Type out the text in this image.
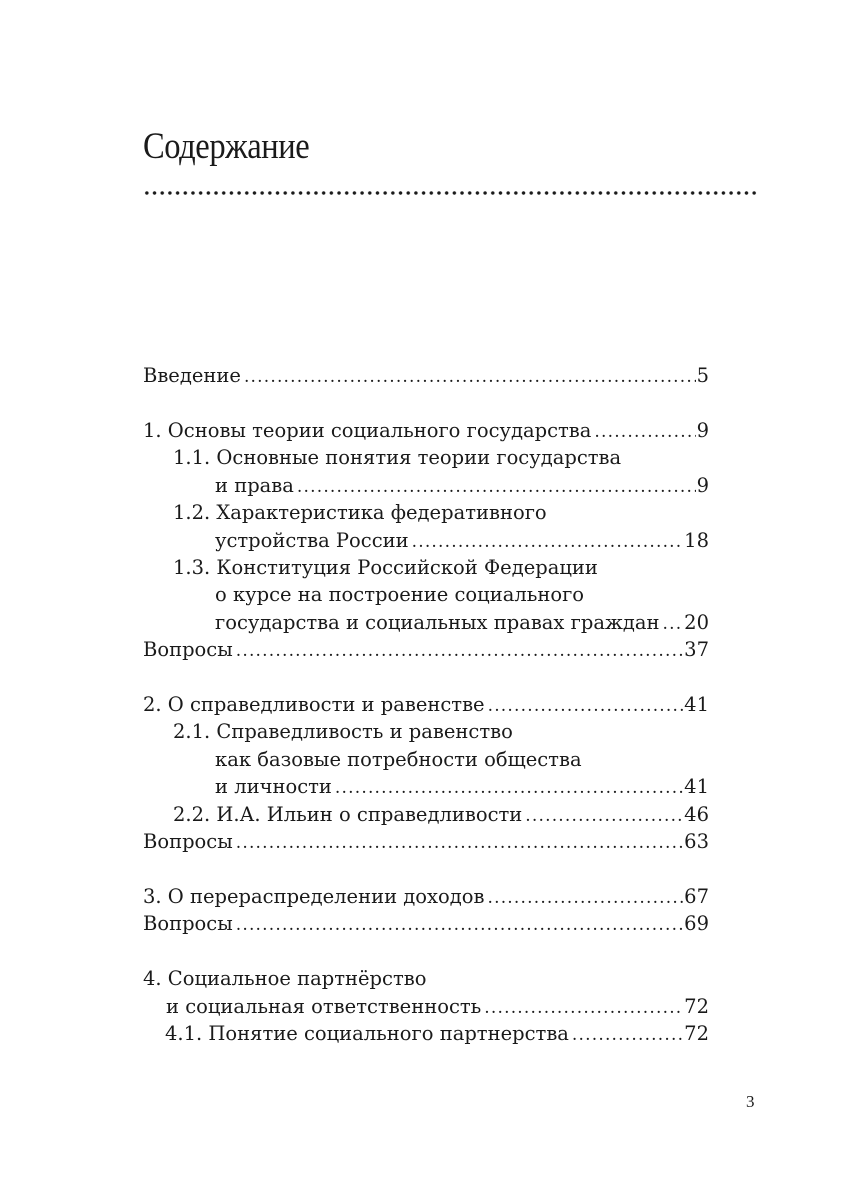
Содержание
Введение .....	5
1. Основы теории социального государства .....	9
1.1. Основные понятия теории государства
и права .....	9
1.2. Характеристика федеративного
устройства России .....	18
1.3. Конституция Российской Федерации
о курсе на построение социального
государства и социальных правах граждан ..... 20
Вопросы .....	37
2. О справедливости и равенстве .....	41
2.1. Справедливость и равенство
как базовые потребности общества
и личности .....	41
2.2. И.А. Ильин о справедливости .....	46
Вопросы .....	63
3. О перераспределении доходов .....	67
Вопросы .....	69
4. Социальное партнёрство
и социальная ответственность .....	72
4.1. Понятие социального партнерства .....	72
3
